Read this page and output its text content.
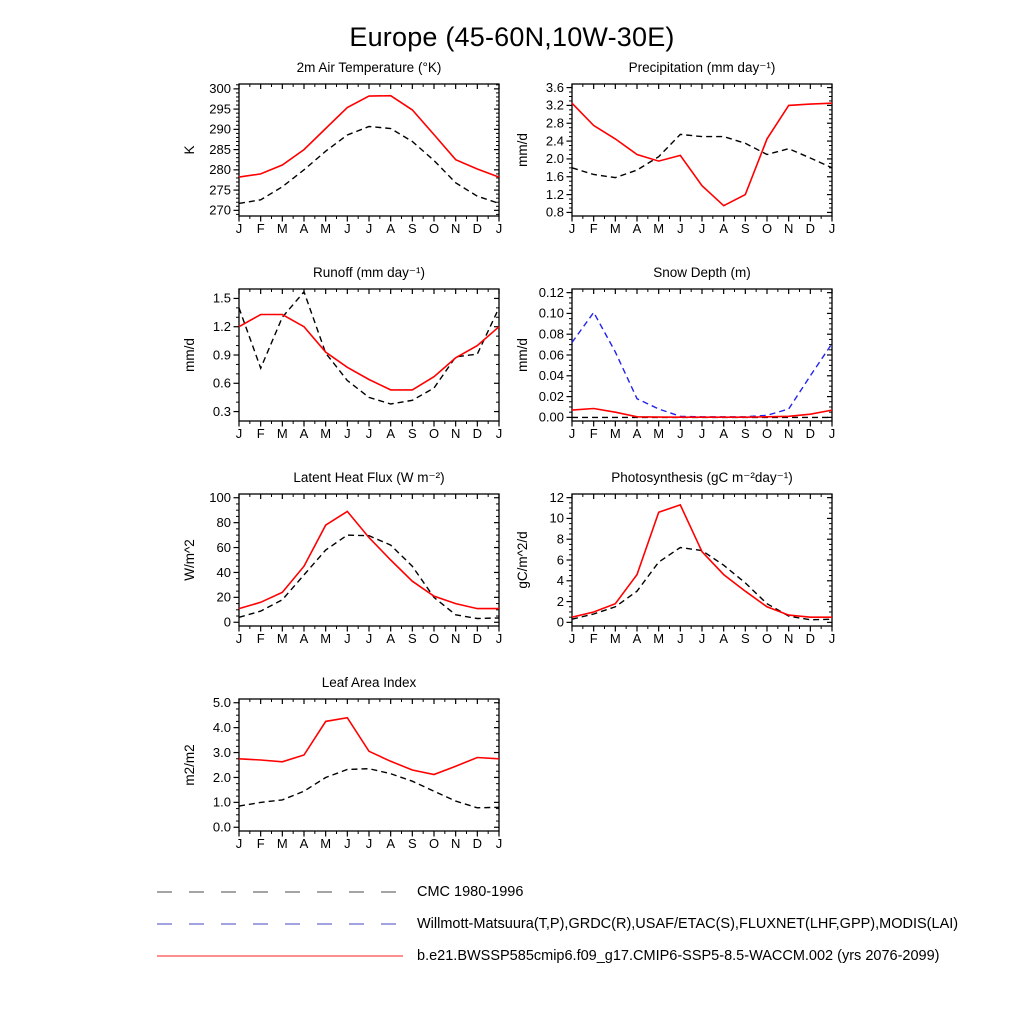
Europe (45-60N,10W-30E)
2m Air Temperature (°K)
K
J F M A M J J A S O N D J
270
275
280
285
290
295
300
Precipitation (mm day⁻¹)
mm/d
J F M A M J J A S O N D J
0.8
1.2
1.6
2.0
2.4
2.8
3.2
3.6
Runoff (mm day⁻¹)
mm/d
J F M A M J J A S O N D J
0.3
0.6
0.9
1.2
1.5
Snow Depth (m)
mm/d
J F M A M J J A S O N D J
0.00
0.02
0.04
0.06
0.08
0.10
0.12
Latent Heat Flux (W m⁻²)
W/m^2
J F M A M J J A S O N D J
0
20
40
60
80
100
Photosynthesis (gC m⁻²day⁻¹)
gC/m^2/d
J F M A M J J A S O N D J
0
2
4
6
8
10
12
Leaf Area Index
m2/m2
J F M A M J J A S O N D J
0.0
1.0
2.0
3.0
4.0
5.0
CMC 1980-1996
Willmott-Matsuura(T,P),GRDC(R),USAF/ETAC(S),FLUXNET(LHF,GPP),MODIS(LAI)
b.e21.BWSSP585cmip6.f09_g17.CMIP6-SSP5-8.5-WACCM.002 (yrs 2076-2099)
